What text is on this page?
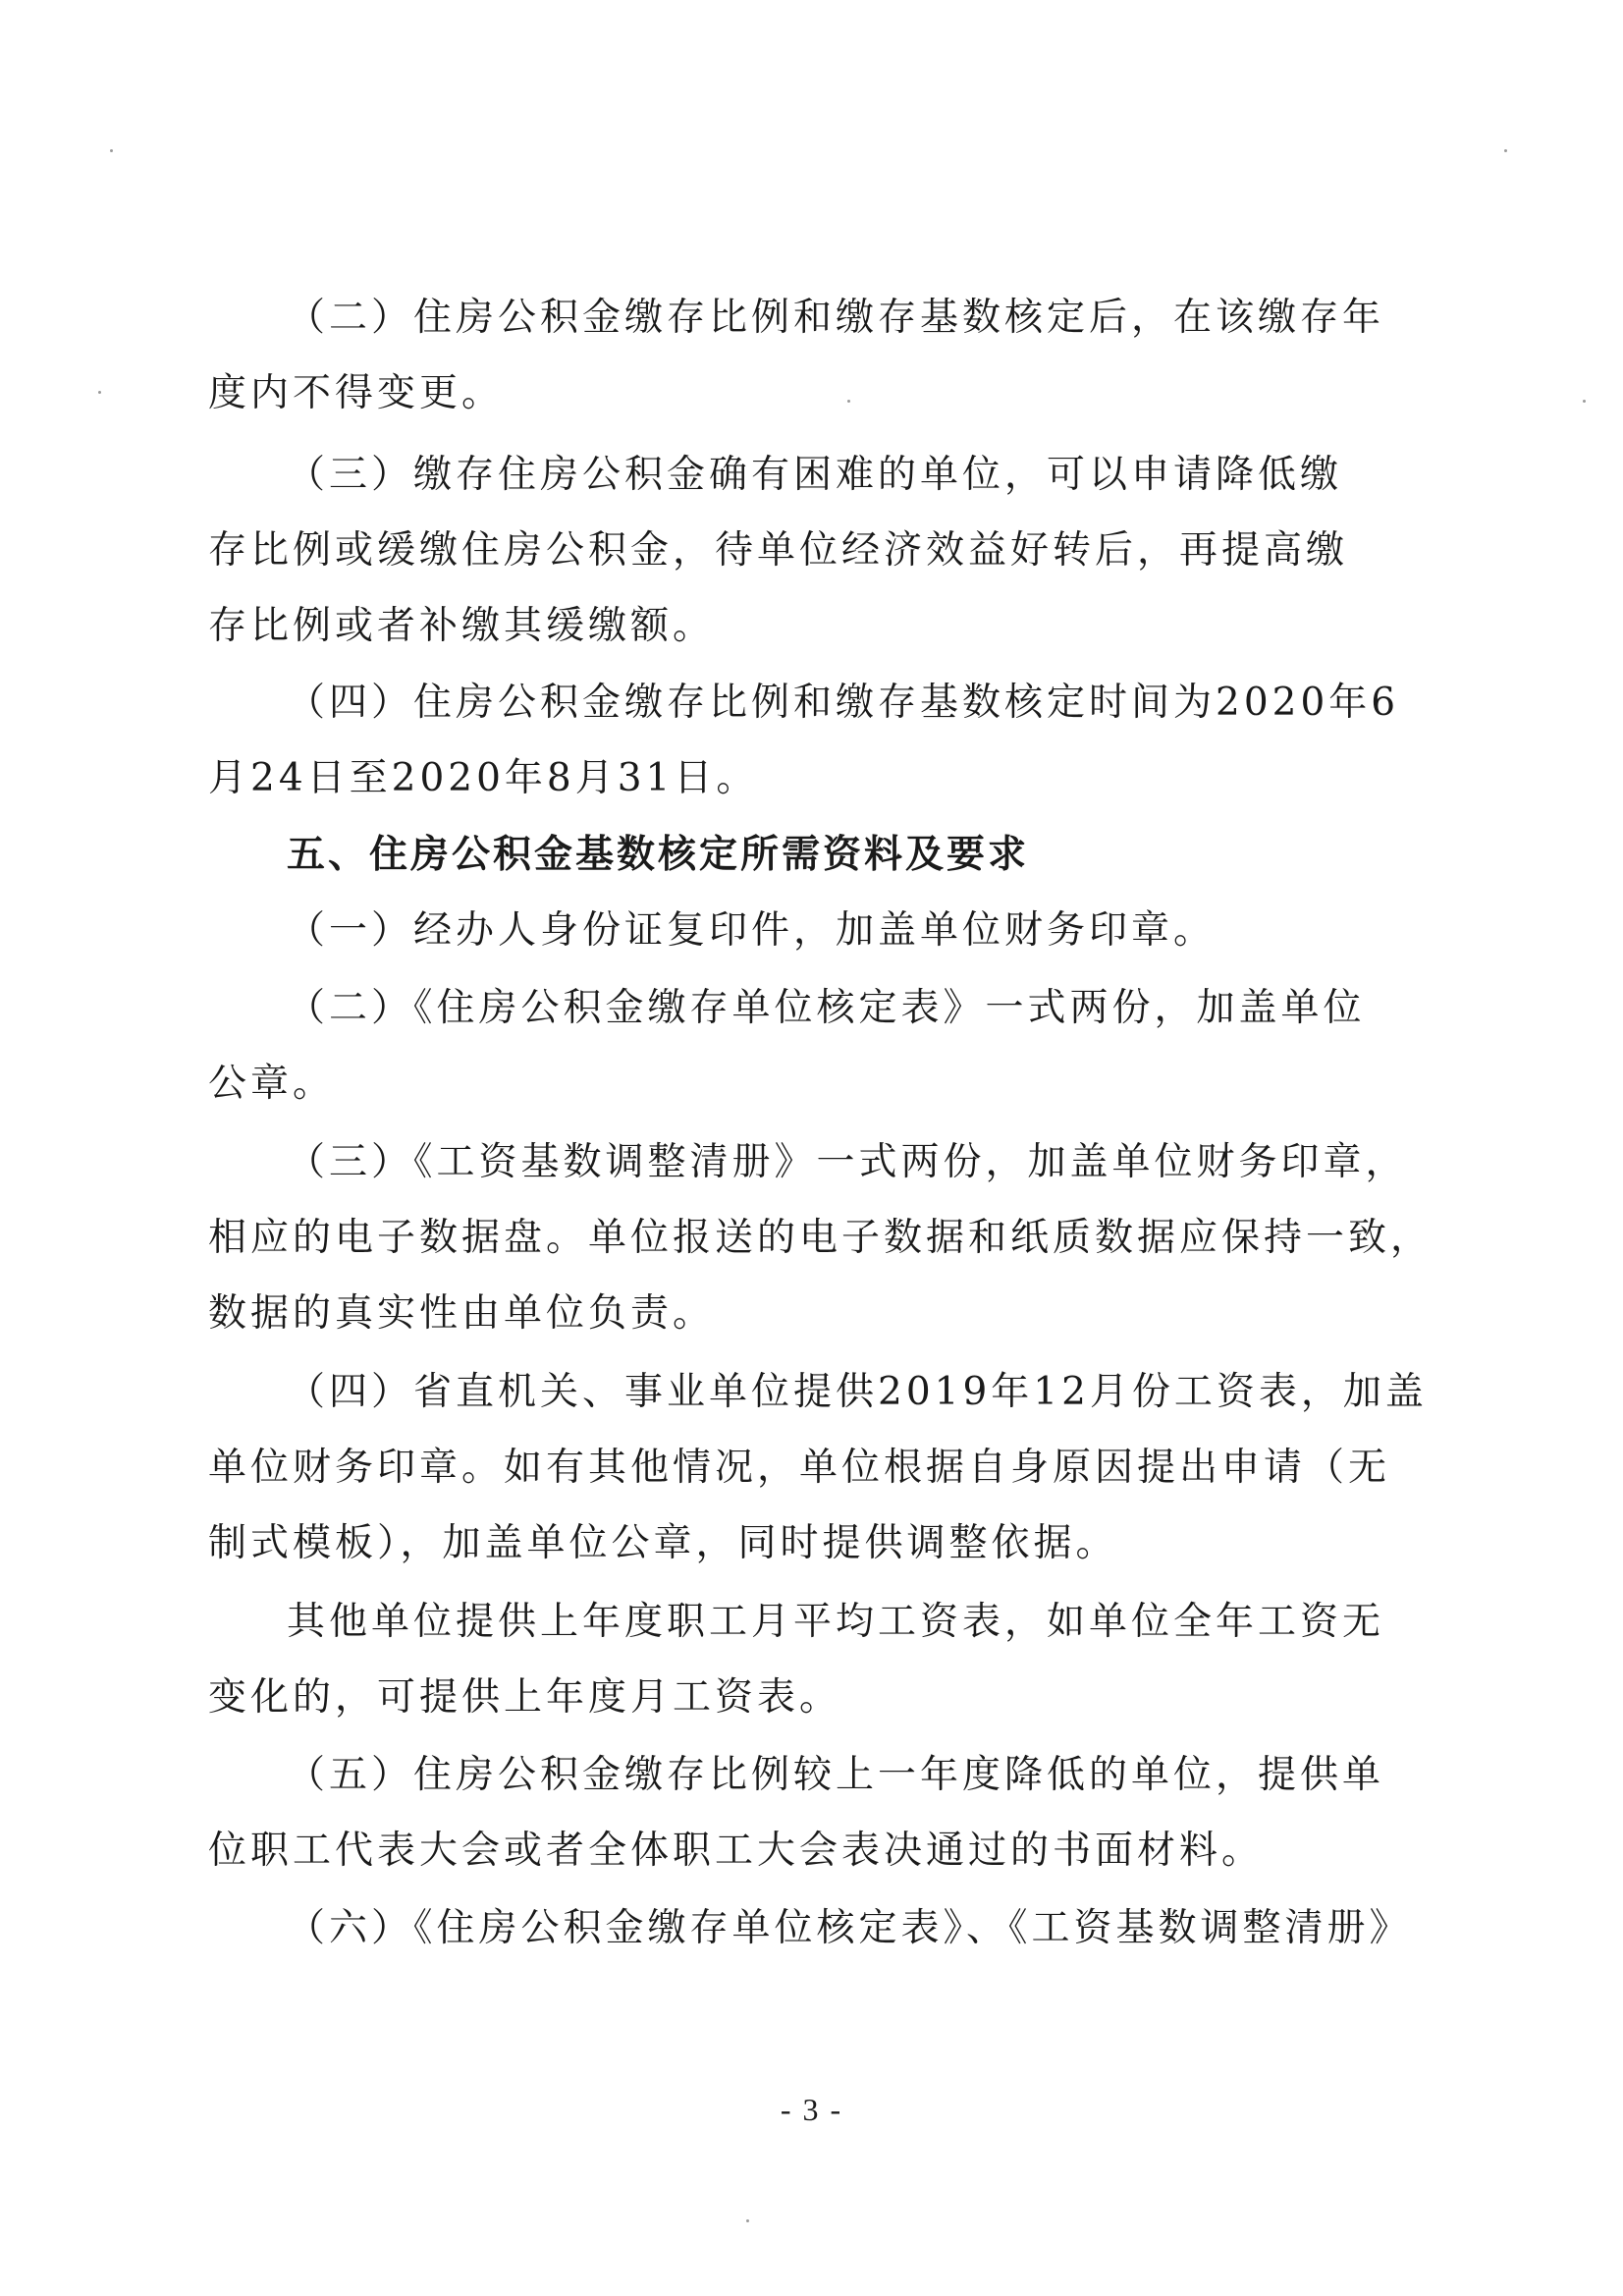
（二）住房公积金缴存比例和缴存基数核定后，在该缴存年
度内不得变更。
（三）缴存住房公积金确有困难的单位，可以申请降低缴
存比例或缓缴住房公积金，待单位经济效益好转后，再提高缴
存比例或者补缴其缓缴额。
（四）住房公积金缴存比例和缴存基数核定时间为2020年6
月24日至2020年8月31日。
五、住房公积金基数核定所需资料及要求
（一）经办人身份证复印件，加盖单位财务印章。
（二）《住房公积金缴存单位核定表》一式两份，加盖单位
公章。
（三）《工资基数调整清册》一式两份，加盖单位财务印章，
相应的电子数据盘。单位报送的电子数据和纸质数据应保持一致，
数据的真实性由单位负责。
（四）省直机关、事业单位提供2019年12月份工资表，加盖
单位财务印章。如有其他情况，单位根据自身原因提出申请（无
制式模板），加盖单位公章，同时提供调整依据。
其他单位提供上年度职工月平均工资表，如单位全年工资无
变化的，可提供上年度月工资表。
（五）住房公积金缴存比例较上一年度降低的单位，提供单
位职工代表大会或者全体职工大会表决通过的书面材料。
（六）《住房公积金缴存单位核定表》、《工资基数调整清册》
- 3 -
